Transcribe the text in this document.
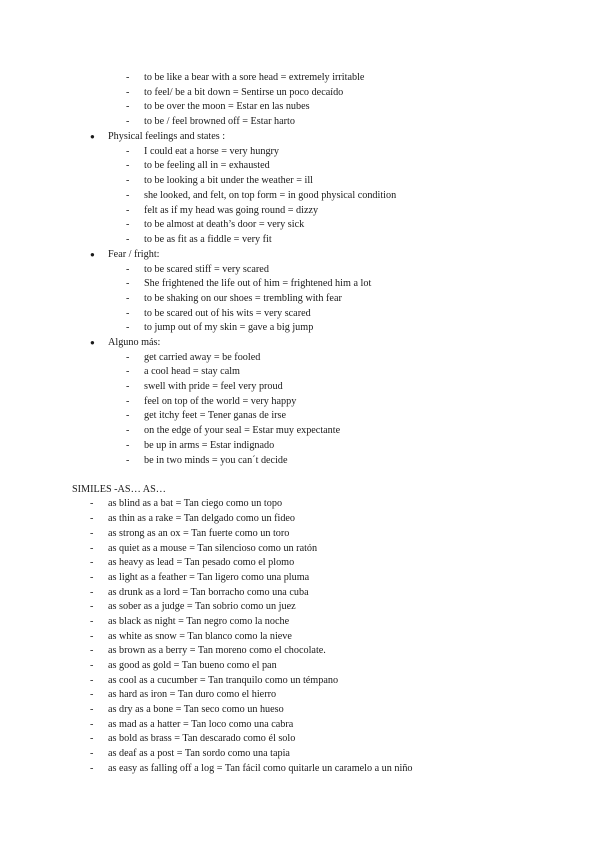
- to be like a bear with a sore head = extremely irritable
- to feel/ be a bit down = Sentirse un poco decaído
- to be over the moon = Estar en las nubes
- to be / feel browned off = Estar harto
● Physical feelings and states :
- I could eat a horse = very hungry
- to be feeling all in = exhausted
- to be looking a bit under the weather = ill
- she looked, and felt, on top form = in good physical condition
- felt as if my head was going round = dizzy
- to be almost at death’s door = very sick
- to be as fit as a fiddle = very fit
● Fear / fright:
- to be scared stiff = very scared
- She frightened the life out of him = frightened him a lot
- to be shaking on our shoes = trembling with fear
- to be scared out of his wits = very scared
- to jump out of my skin = gave a big jump
● Alguno más:
- get carried away = be fooled
- a cool head = stay calm
- swell with pride = feel very proud
- feel on top of the world = very happy
- get itchy feet = Tener ganas de irse
- on the edge of your seal = Estar muy expectante
- be up in arms = Estar indignado
- be in two minds = you can´t decide
SIMILES -AS… AS…
- as blind as a bat = Tan ciego como un topo
- as thin as a rake = Tan delgado como un fideo
- as strong as an ox = Tan fuerte como un toro
- as quiet as a mouse = Tan silencioso como un ratón
- as heavy as lead = Tan pesado como el plomo
- as light as a feather = Tan ligero como una pluma
- as drunk as a lord = Tan borracho como una cuba
- as sober as a judge = Tan sobrio como un juez
- as black as night = Tan negro como la noche
- as white as snow = Tan blanco como la nieve
- as brown as a berry = Tan moreno como el chocolate.
- as good as gold = Tan bueno como el pan
- as cool as a cucumber = Tan tranquilo como un témpano
- as hard as iron = Tan duro como el hierro
- as dry as a bone = Tan seco como un hueso
- as mad as a hatter = Tan loco como una cabra
- as bold as brass = Tan descarado como él solo
- as deaf as a post = Tan sordo como una tapia
- as easy as falling off a log = Tan fácil como quitarle un caramelo a un niño
